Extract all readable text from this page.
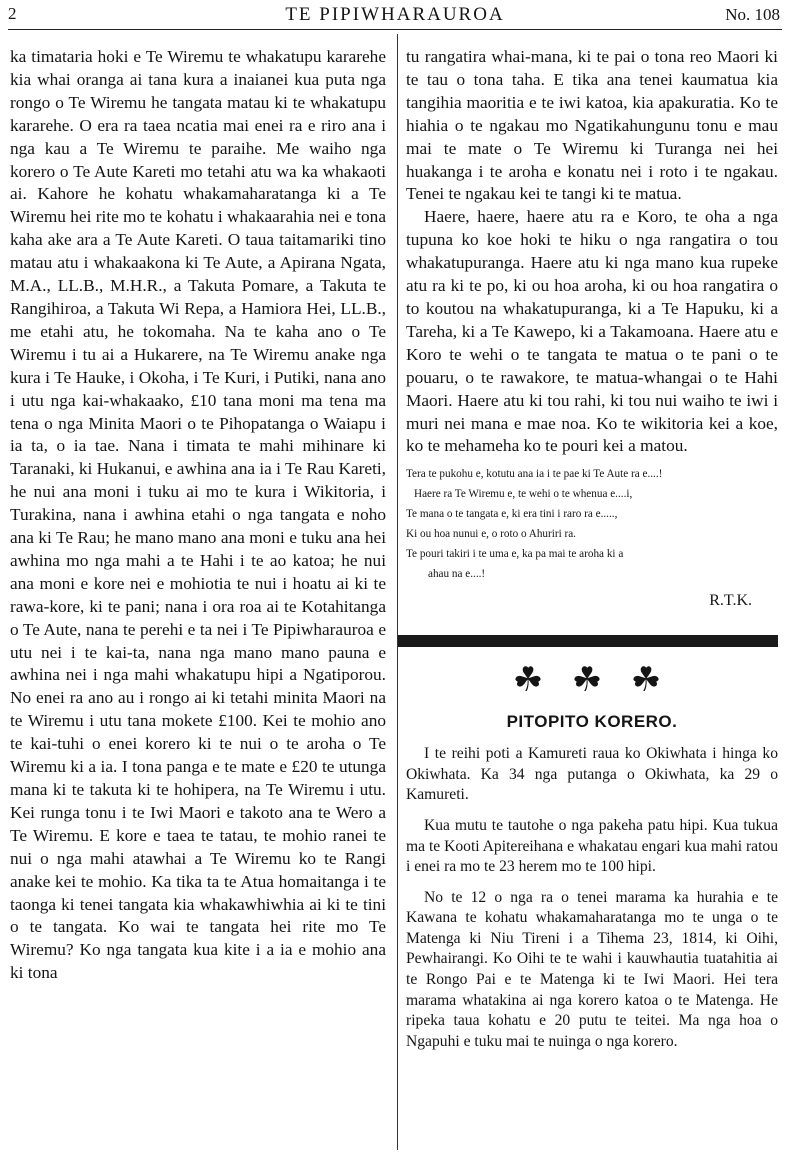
2	TE PIPIWHARAUROA	No. 108

ka timataria hoki e Te Wiremu te whakatupu kararehe kia whai oranga ai tana kura a inaianei kua puta nga rongo o Te Wiremu he tangata matau ki te whakatupu kararehe. O era ra taea ncatia mai enei ra e riro ana i nga kau a Te Wiremu te paraihe. Me waiho nga korero o Te Aute Kareti mo tetahi atu wa ka whakaoti ai. Kahore he kohatu whakamaharatanga ki a Te Wiremu hei rite mo te kohatu i whakaarahia nei e tona kaha ake ara a Te Aute Kareti. O taua taitamariki tino matau atu i whakaakona ki Te Aute, a Apirana Ngata, M.A., LL.B., M.H.R., a Takuta Pomare, a Takuta te Rangihiroa, a Takuta Wi Repa, a Hamiora Hei, LL.B., me etahi atu, he tokomaha. Na te kaha ano o Te Wiremu i tu ai a Hukarere, na Te Wiremu anake nga kura i Te Hauke, i Okoha, i Te Kuri, i Putiki, nana ano i utu nga kai-whakaako, £10 tana moni ma tena ma tena o nga Minita Maori o te Pihopatanga o Waiapu i ia ta, o ia tae. Nana i timata te mahi mihinare ki Taranaki, ki Hukanui, e awhina ana ia i Te Rau Kareti, he nui ana moni i tuku ai mo te kura i Wikitoria, i Turakina, nana i awhina etahi o nga tangata e noho ana ki Te Rau; he mano mano ana moni e tuku ana hei awhina mo nga mahi a te Hahi i te ao katoa; he nui ana moni e kore nei e mohiotia te nui i hoatu ai ki te rawa-kore, ki te pani; nana i ora roa ai te Kotahitanga o Te Aute, nana te perehi e ta nei i Te Pipiwharauroa e utu nei i te kai-ta, nana nga mano mano pauna e awhina nei i nga mahi whakatupu hipi a Ngatiporou. No enei ra ano au i rongo ai ki tetahi minita Maori na te Wiremu i utu tana mokete £100. Kei te mohio ano te kai-tuhi o enei korero ki te nui o te aroha o Te Wiremu ki a ia. I tona panga e te mate e £20 te utunga mana ki te takuta ki te hohipera, na Te Wiremu i utu. Kei runga tonu i te Iwi Maori e takoto ana te Wero a Te Wiremu. E kore e taea te tatau, te mohio ranei te nui o nga mahi atawhai a Te Wiremu ko te Rangi anake kei te mohio. Ka tika ta te Atua homaitanga i te taonga ki tenei tangata kia whakawhiwhia ai ki te tini o te tangata. Ko wai te tangata hei rite mo Te Wiremu? Ko nga tangata kua kite i a ia e mohio ana ki tona

tu rangatira whai-mana, ki te pai o tona reo Maori ki te tau o tona taha. E tika ana tenei kaumatua kia tangihia maoritia e te iwi katoa, kia apakuratia. Ko te hiahia o te ngakau mo Ngatikahungunu tonu e mau mai te mate o Te Wiremu ki Turanga nei hei huakanga i te aroha e konatu nei i roto i te ngakau. Tenei te ngakau kei te tangi ki te matua.

Haere, haere, haere atu ra e Koro, te oha a nga tupuna ko koe hoki te hiku o nga rangatira o tou whakatupuranga. Haere atu ki nga mano kua rupeke atu ra ki te po, ki ou hoa aroha, ki ou hoa rangatira o to koutou na whakatupuranga, ki a Te Hapuku, ki a Tareha, ki a Te Kawepo, ki a Takamoana. Haere atu e Koro te wehi o te tangata te matua o te pani o te pouaru, o te rawakore, te matua-whangai o te Hahi Maori. Haere atu ki tou rahi, ki tou nui waiho te iwi i muri nei mana e mae noa. Ko te wikitoria kei a koe, ko te mehameha ko te pouri kei a matou.

Tera te pukohu e, kotutu ana ia i te pae ki Te Aute ra e....!
Haere ra Te Wiremu e, te wehi o te whenua e....i,
Te mana o te tangata e, ki era tini i raro ra e.....,
Ki ou hoa nunui e, o roto o Ahuriri ra.
Te pouri takiri i te uma e, ka pa mai te aroha ki a
ahau na e....!
R.T.K.
☘ ☘ ☘
PITOPITO KORERO.

I te reihi poti a Kamureti raua ko Okiwhata i hinga ko Okiwhata. Ka 34 nga putanga o Okiwhata, ka 29 o Kamureti.

Kua mutu te tautohe o nga pakeha patu hipi. Kua tukua ma te Kooti Apitereihana e whakatau engari kua mahi ratou i enei ra mo te 23 herem mo te 100 hipi.

No te 12 o nga ra o tenei marama ka hurahia e te Kawana te kohatu whakamaharatanga mo te unga o te Matenga ki Niu Tireni i a Tihema 23, 1814, ki Oihi, Pewhairangi. Ko Oihi te te wahi i kauwhautia tuatahitia ai te Rongo Pai e te Matenga ki te Iwi Maori. Hei tera marama whatakina ai nga korero katoa o te Matenga. He ripeka taua kohatu e 20 putu te teitei. Ma nga hoa o Ngapuhi e tuku mai te nuinga o nga korero.
